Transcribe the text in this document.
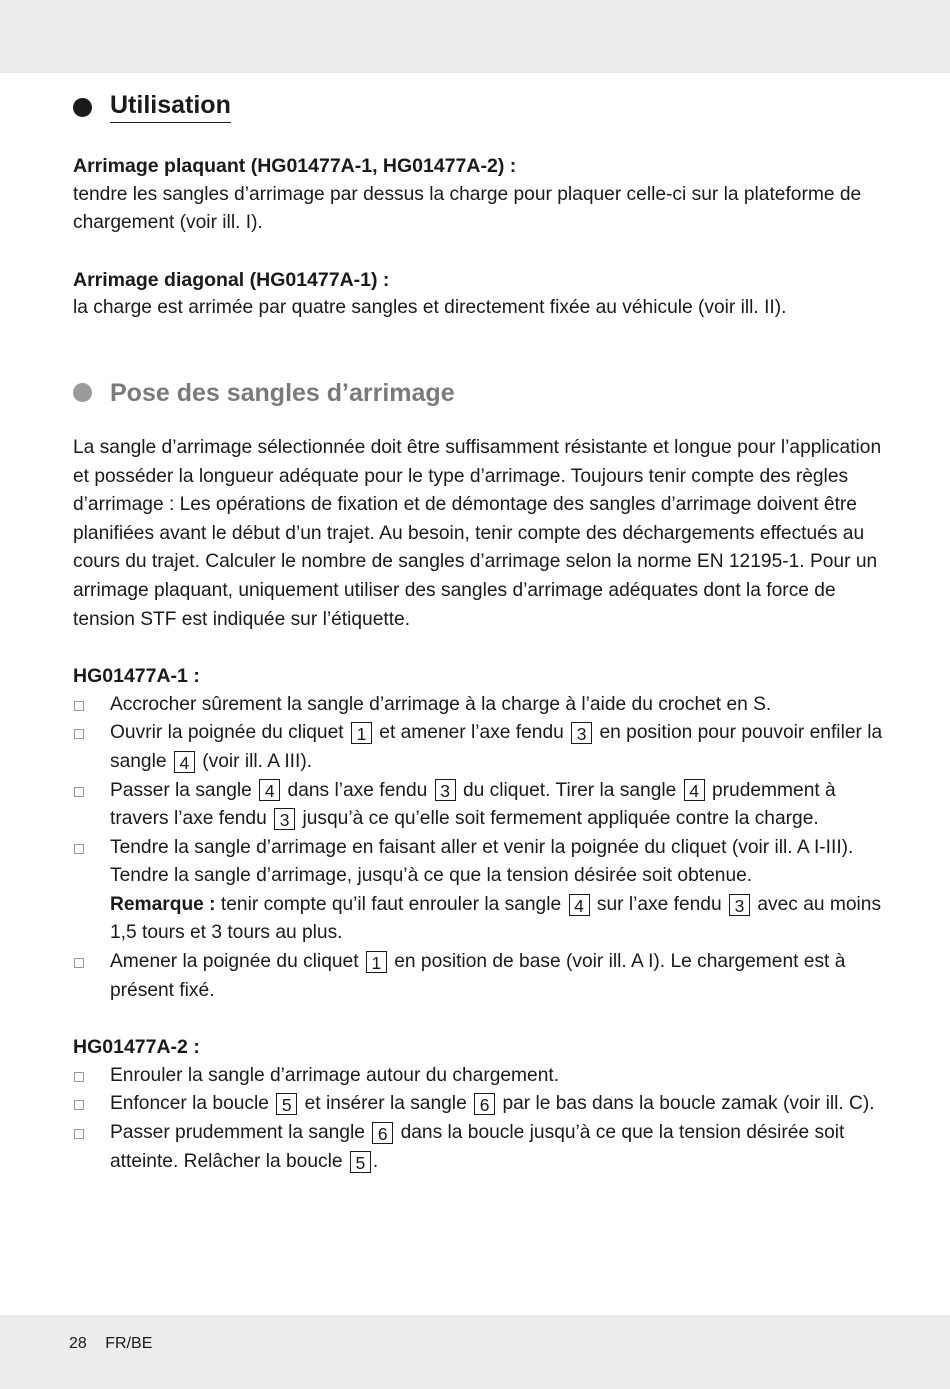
Utilisation

Arrimage plaquant (HG01477A-1, HG01477A-2) :

tendre les sangles d’arrimage par dessus la charge pour plaquer celle-ci sur la plateforme de chargement (voir ill. I).

Arrimage diagonal (HG01477A-1) :

la charge est arrimée par quatre sangles et directement fixée au véhicule (voir ill. II).

Pose des sangles d’arrimage

La sangle d’arrimage sélectionnée doit être suffisamment résistante et longue pour l’application et posséder la longueur adéquate pour le type d’arrimage. Toujours tenir compte des règles d’arrimage : Les opérations de fixation et de démontage des sangles d’arrimage doivent être planifiées avant le début d’un trajet. Au besoin, tenir compte des déchargements effectués au cours du trajet. Calculer le nombre de sangles d’arrimage selon la norme EN 12195-1. Pour un arrimage plaquant, uniquement utiliser des sangles d’arrimage adéquates dont la force de tension STF est indiquée sur l’étiquette.

HG01477A-1 :

Accrocher sûrement la sangle d’arrimage à la charge à l’aide du crochet en S.
Ouvrir la poignée du cliquet 1 et amener l’axe fendu 3 en position pour pouvoir enfiler la sangle 4 (voir ill. A III).
Passer la sangle 4 dans l’axe fendu 3 du cliquet. Tirer la sangle 4 prudemment à travers l’axe fendu 3 jusqu’à ce qu’elle soit fermement appliquée contre la charge.
Tendre la sangle d’arrimage en faisant aller et venir la poignée du cliquet (voir ill. A I-III). Tendre la sangle d’arrimage, jusqu’à ce que la tension désirée soit obtenue.
Remarque : tenir compte qu’il faut enrouler la sangle 4 sur l’axe fendu 3 avec au moins 1,5 tours et 3 tours au plus.
Amener la poignée du cliquet 1 en position de base (voir ill. A I). Le chargement est à présent fixé.

HG01477A-2 :

Enrouler la sangle d’arrimage autour du chargement.
Enfoncer la boucle 5 et insérer la sangle 6 par le bas dans la boucle zamak (voir ill. C).
Passer prudemment la sangle 6 dans la boucle jusqu’à ce que la tension désirée soit atteinte. Relâcher la boucle 5 .
28 FR/BE
